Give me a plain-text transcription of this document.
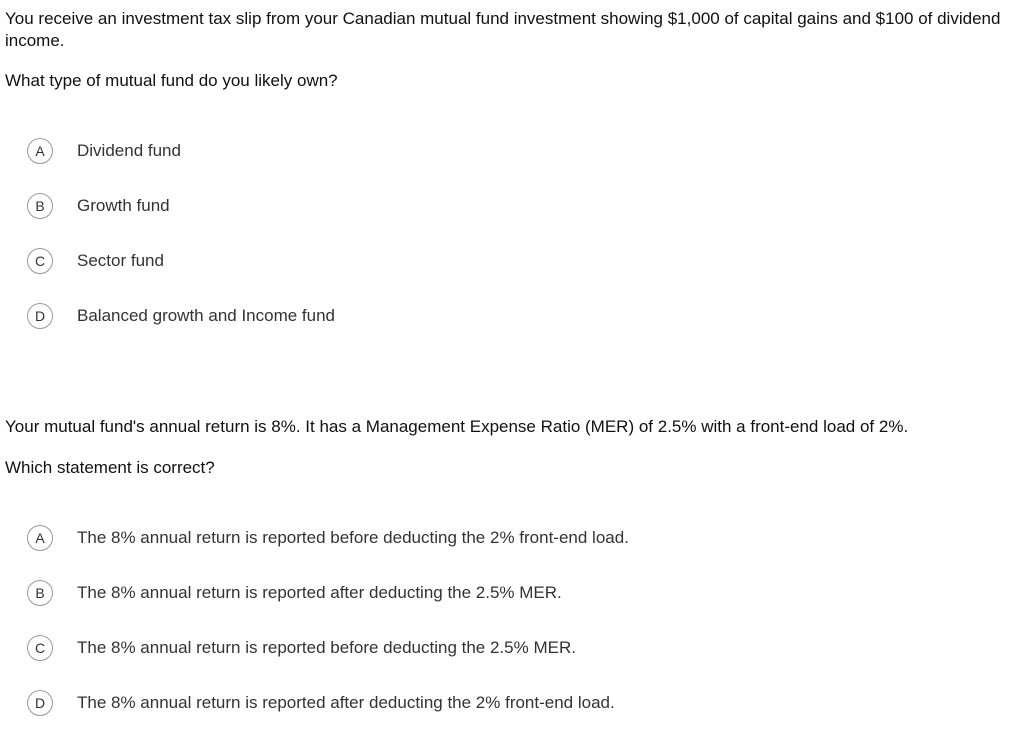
You receive an investment tax slip from your Canadian mutual fund investment showing $1,000 of capital gains and $100 of dividend income.

What type of mutual fund do you likely own?

A	Dividend fund
B	Growth fund
C	Sector fund
D	Balanced growth and Income fund

Your mutual fund's annual return is 8%. It has a Management Expense Ratio (MER) of 2.5% with a front-end load of 2%.

Which statement is correct?

A	The 8% annual return is reported before deducting the 2% front-end load.
B	The 8% annual return is reported after deducting the 2.5% MER.
C	The 8% annual return is reported before deducting the 2.5% MER.
D	The 8% annual return is reported after deducting the 2% front-end load.
